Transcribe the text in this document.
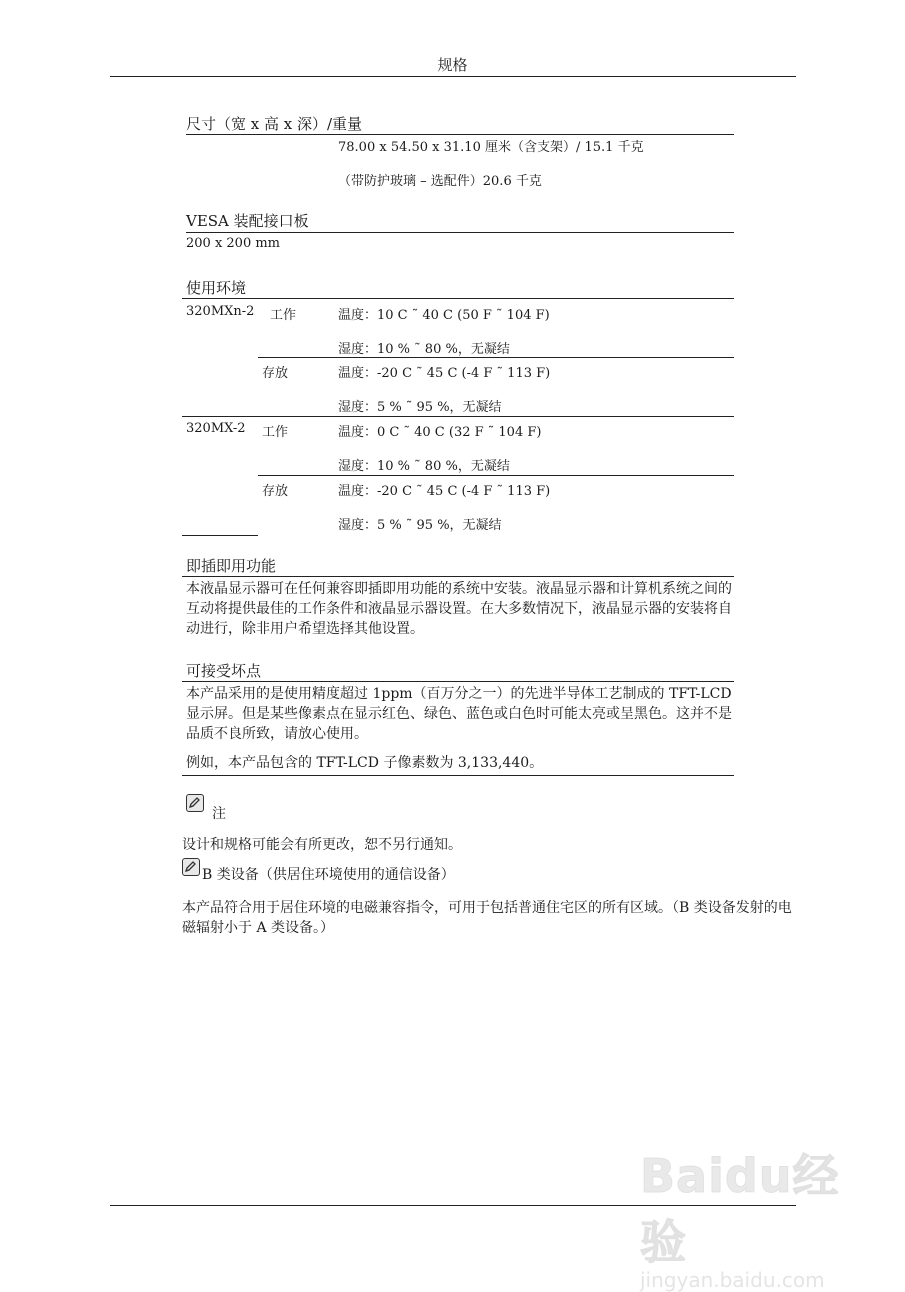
规格
尺寸（宽 x 高 x 深）/重量
78.00 x 54.50 x 31.10 厘米（含支架）/ 15.1 千克
（带防护玻璃 – 选配件）20.6 千克
VESA 装配接口板
200 x 200 mm
使用环境
320MXn-2 工作	温度：10 C ˜ 40 C (50 F ˜ 104 F)
湿度：10 % ˜ 80 %，无凝结
存放	温度：-20 C ˜ 45 C (-4 F ˜ 113 F)
湿度：5 % ˜ 95 %，无凝结
320MX-2 工作	温度：0 C ˜ 40 C (32 F ˜ 104 F)
湿度：10 % ˜ 80 %，无凝结
存放	温度：-20 C ˜ 45 C (-4 F ˜ 113 F)
湿度：5 % ˜ 95 %，无凝结
即插即用功能
本液晶显示器可在任何兼容即插即用功能的系统中安装。液晶显示器和计算机系统之间的互动将提供最佳的工作条件和液晶显示器设置。在大多数情况下，液晶显示器的安装将自动进行，除非用户希望选择其他设置。
可接受坏点
本产品采用的是使用精度超过 1ppm（百万分之一）的先进半导体工艺制成的 TFT-LCD 显示屏。但是某些像素点在显示红色、绿色、蓝色或白色时可能太亮或呈黑色。这并不是品质不良所致，请放心使用。
例如，本产品包含的 TFT-LCD 子像素数为 3,133,440。
注
设计和规格可能会有所更改，恕不另行通知。
B 类设备（供居住环境使用的通信设备）
本产品符合用于居住环境的电磁兼容指令，可用于包括普通住宅区的所有区域。（B 类设备发射的电磁辐射小于 A 类设备。）
Baidu经验
jingyan.baidu.com
